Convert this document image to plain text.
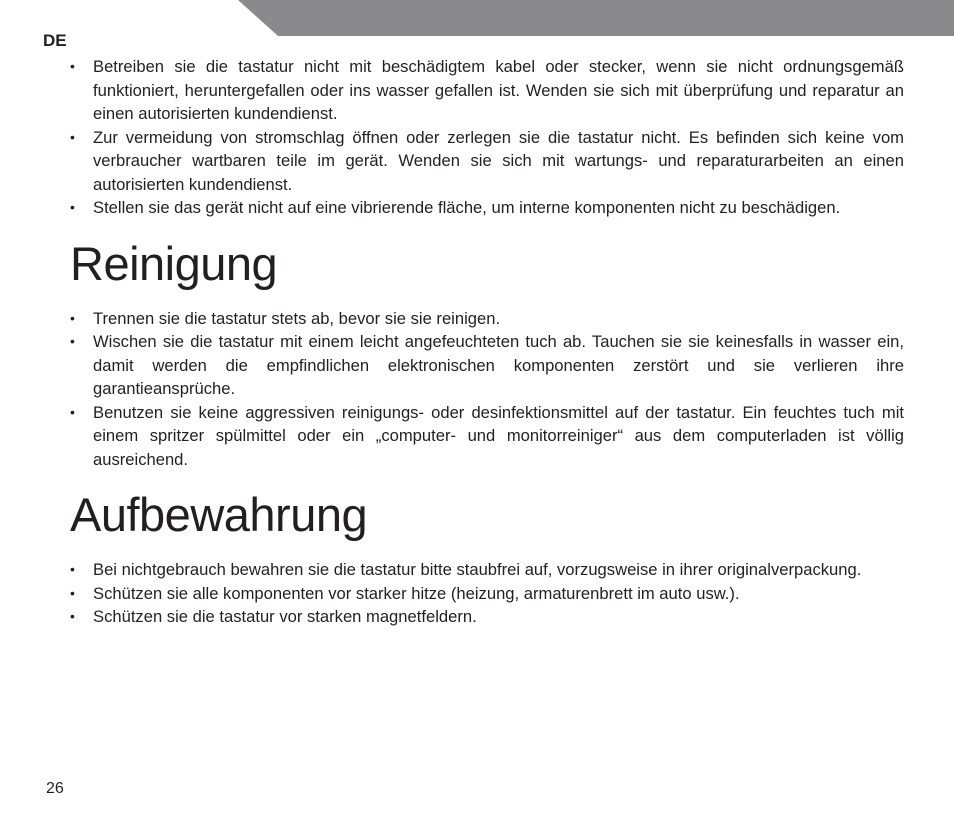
DE
• Betreiben sie die tastatur nicht mit beschädigtem kabel oder stecker, wenn sie nicht ordnungsgemäß funktioniert, heruntergefallen oder ins wasser gefallen ist. Wenden sie sich mit überprüfung und reparatur an einen autorisierten kundendienst.
• Zur vermeidung von stromschlag öffnen oder zerlegen sie die tastatur nicht. Es befinden sich keine vom verbraucher wartbaren teile im gerät. Wenden sie sich mit wartungs- und reparaturarbeiten an einen autorisierten kundendienst.
• Stellen sie das gerät nicht auf eine vibrierende fläche, um interne komponenten nicht zu beschädigen.
Reinigung
• Trennen sie die tastatur stets ab, bevor sie sie reinigen.
• Wischen sie die tastatur mit einem leicht angefeuchteten tuch ab. Tauchen sie sie keinesfalls in wasser ein, damit werden die empfindlichen elektronischen komponenten zerstört und sie verlieren ihre garantieansprüche.
• Benutzen sie keine aggressiven reinigungs- oder desinfektionsmittel auf der tastatur. Ein feuchtes tuch mit einem spritzer spülmittel oder ein „computer- und monitorreiniger“ aus dem computerladen ist völlig ausreichend.
Aufbewahrung
• Bei nichtgebrauch bewahren sie die tastatur bitte staubfrei auf, vorzugsweise in ihrer originalverpackung.
• Schützen sie alle komponenten vor starker hitze (heizung, armaturenbrett im auto usw.).
• Schützen sie die tastatur vor starken magnetfeldern.
26
